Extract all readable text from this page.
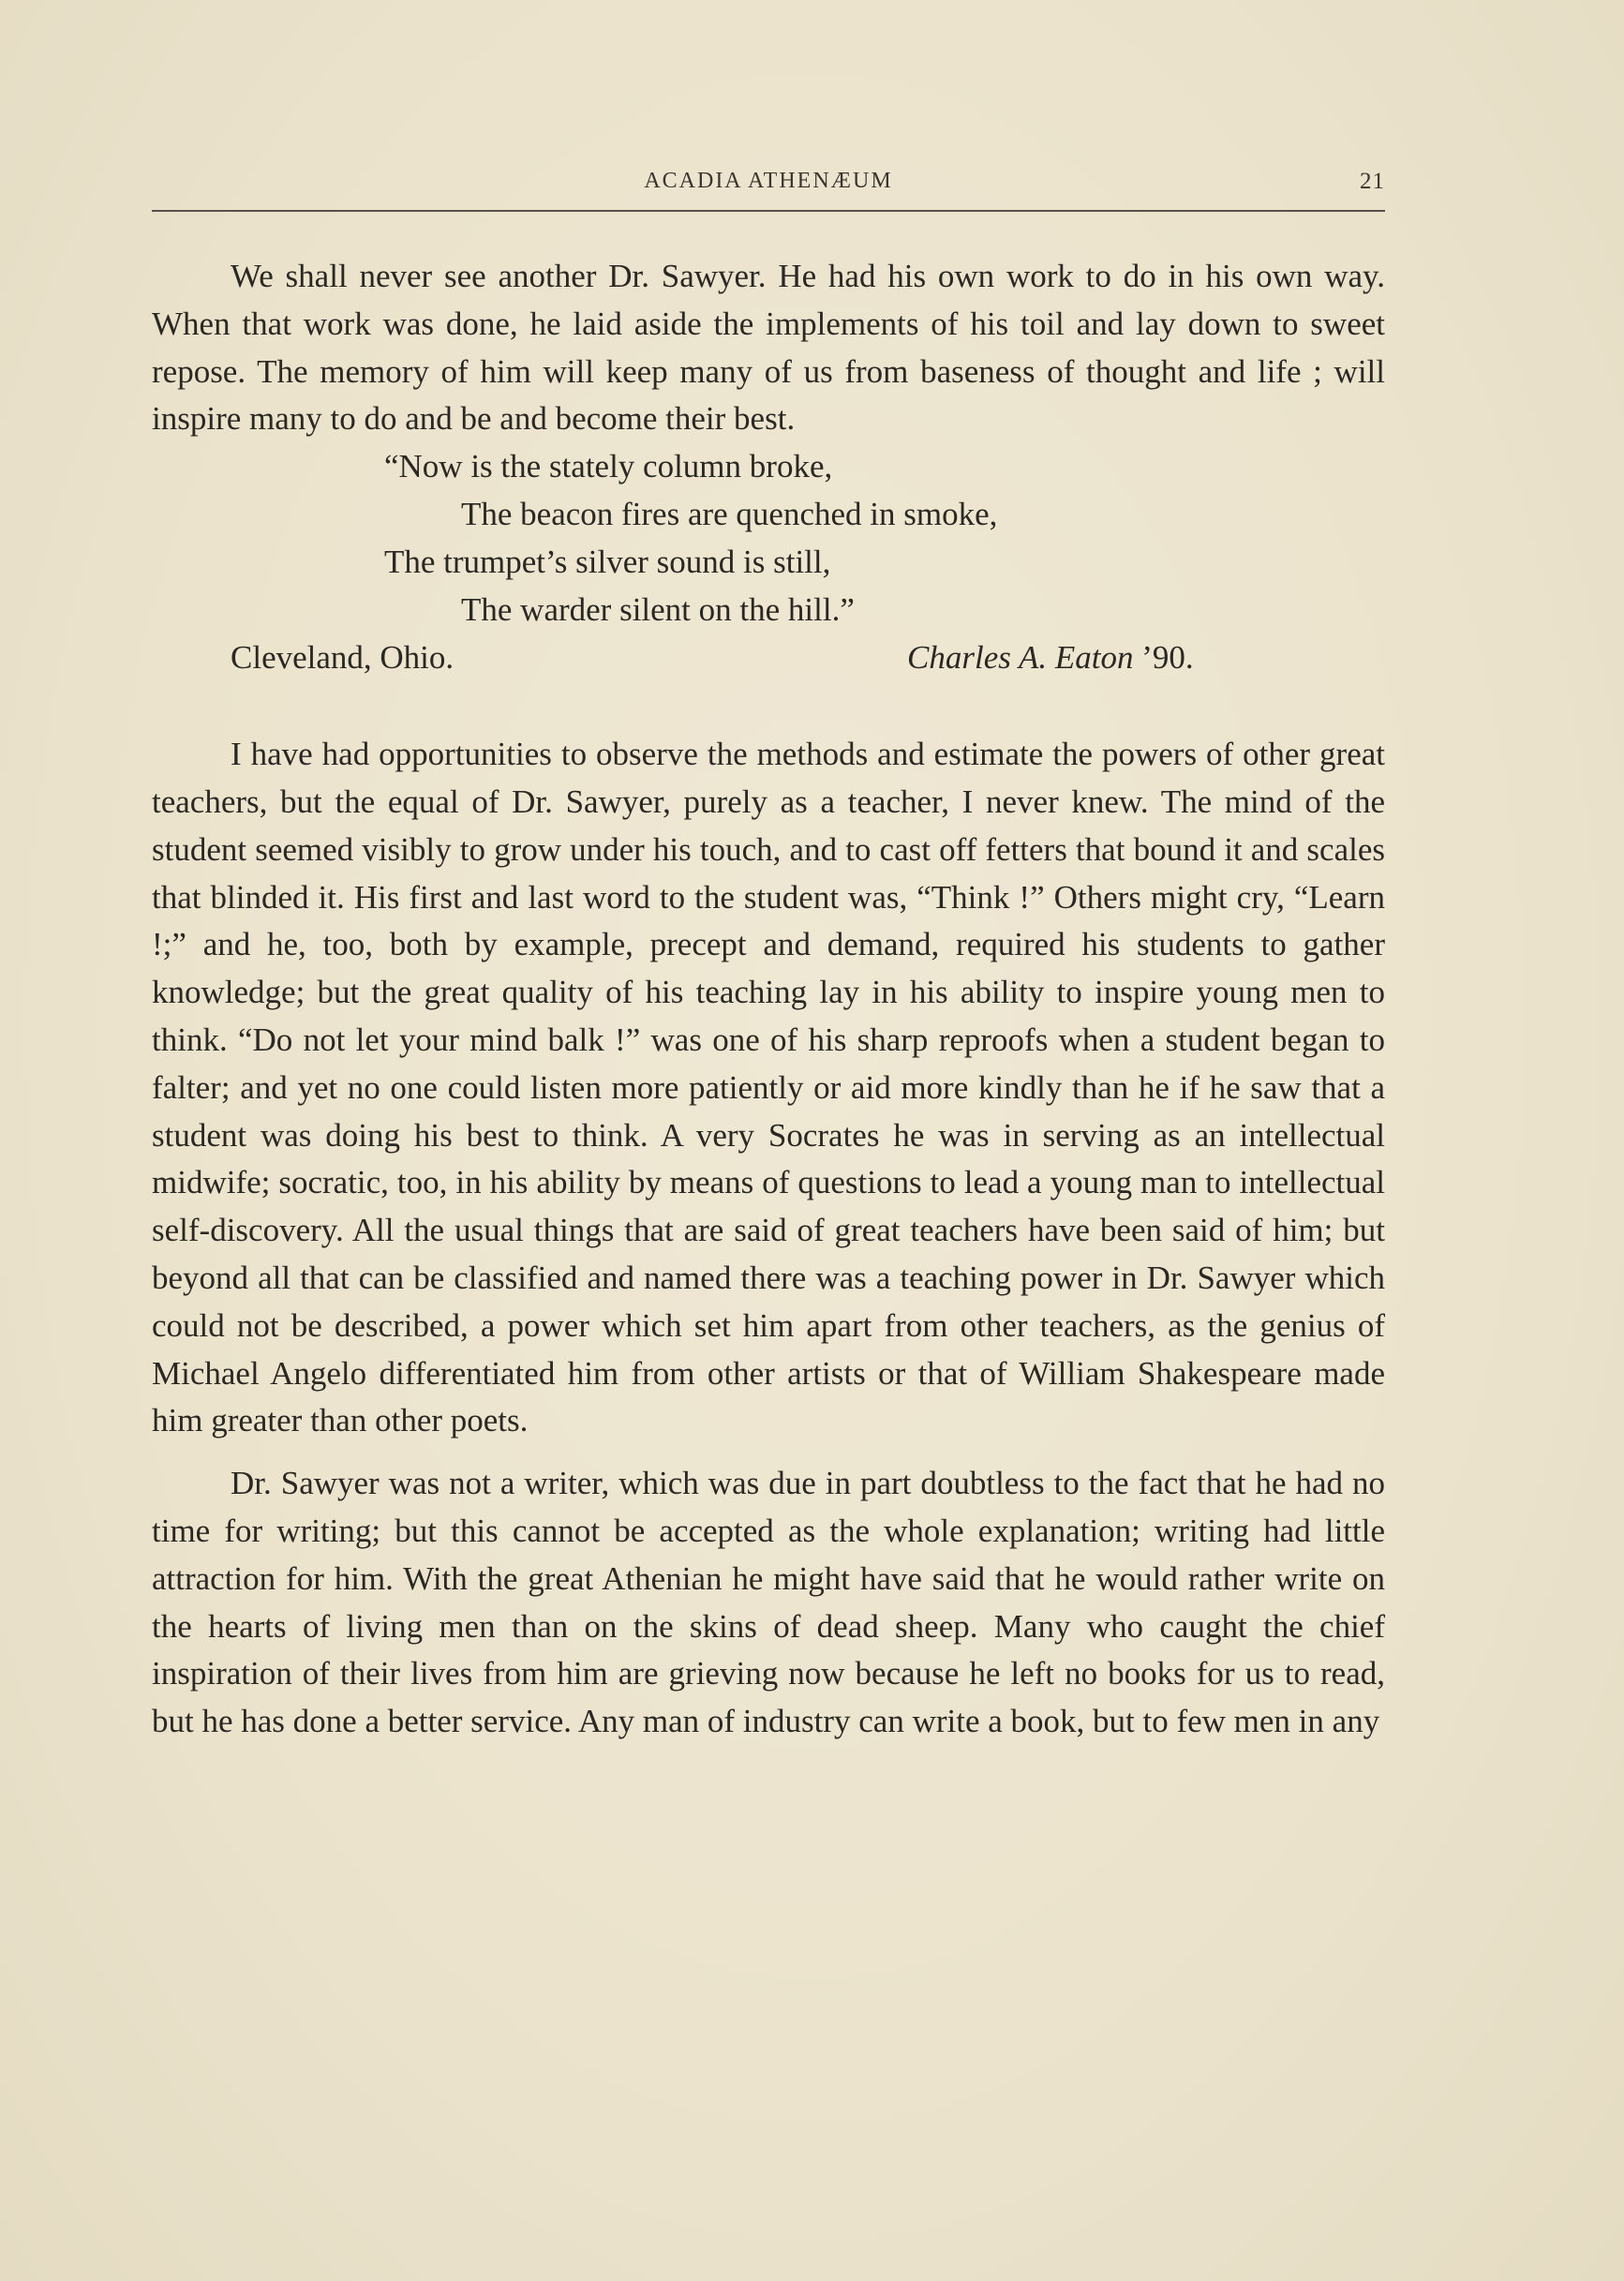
ACADIA ATHENÆUM	21

We shall never see another Dr. Sawyer. He had his own work to do in his own way. When that work was done, he laid aside the implements of his toil and lay down to sweet repose. The memory of him will keep many of us from baseness of thought and life ; will inspire many to do and be and become their best.

“Now is the stately column broke,
The beacon fires are quenched in smoke,
The trumpet’s silver sound is still,
The warder silent on the hill.”
Cleveland, Ohio.	Charles A. Eaton ’90.

I have had opportunities to observe the methods and estimate the powers of other great teachers, but the equal of Dr. Sawyer, purely as a teacher, I never knew. The mind of the student seemed visibly to grow under his touch, and to cast off fetters that bound it and scales that blinded it. His first and last word to the student was, “Think !” Others might cry, “Learn !;” and he, too, both by example, precept and demand, required his students to gather knowledge; but the great quality of his teaching lay in his ability to inspire young men to think. “Do not let your mind balk !” was one of his sharp reproofs when a student began to falter; and yet no one could listen more patiently or aid more kindly than he if he saw that a student was doing his best to think. A very Socrates he was in serving as an intellectual midwife; socratic, too, in his ability by means of questions to lead a young man to intellectual self-discovery. All the usual things that are said of great teachers have been said of him; but beyond all that can be classified and named there was a teaching power in Dr. Sawyer which could not be described, a power which set him apart from other teachers, as the genius of Michael Angelo differentiated him from other artists or that of William Shakespeare made him greater than other poets.

Dr. Sawyer was not a writer, which was due in part doubtless to the fact that he had no time for writing; but this cannot be accepted as the whole explanation; writing had little attraction for him. With the great Athenian he might have said that he would rather write on the hearts of living men than on the skins of dead sheep. Many who caught the chief inspiration of their lives from him are grieving now because he left no books for us to read, but he has done a better service. Any man of industry can write a book, but to few men in any
